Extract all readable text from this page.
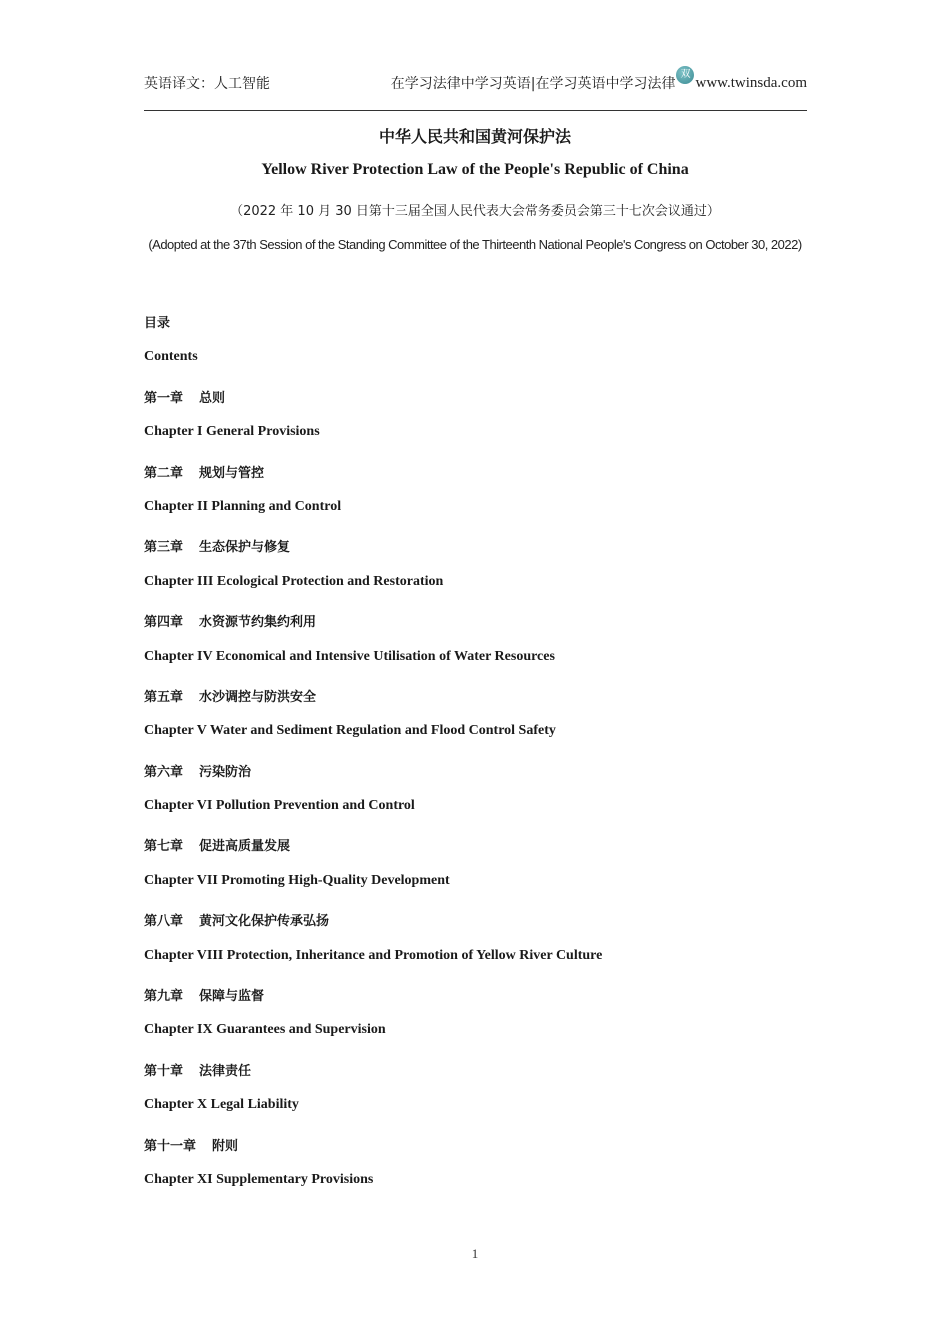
英语译文：人工智能	在学习法律中学习英语|在学习英语中学习法律
双 www.twinsda.com
中华人民共和国黄河保护法
Yellow River Protection Law of the People's Republic of China
（2022 年 10 月 30 日第十三届全国人民代表大会常务委员会第三十七次会议通过）
(Adopted at the 37th Session of the Standing Committee of the Thirteenth National People's Congress on October 30, 2022)
目录
Contents
第一章 总则
Chapter I General Provisions
第二章 规划与管控
Chapter II Planning and Control
第三章 生态保护与修复
Chapter III Ecological Protection and Restoration
第四章 水资源节约集约利用
Chapter IV Economical and Intensive Utilisation of Water Resources
第五章 水沙调控与防洪安全
Chapter V Water and Sediment Regulation and Flood Control Safety
第六章 污染防治
Chapter VI Pollution Prevention and Control
第七章 促进高质量发展
Chapter VII Promoting High-Quality Development
第八章 黄河文化保护传承弘扬
Chapter VIII Protection, Inheritance and Promotion of Yellow River Culture
第九章 保障与监督
Chapter IX Guarantees and Supervision
第十章 法律责任
Chapter X Legal Liability
第十一章 附则
Chapter XI Supplementary Provisions
1
